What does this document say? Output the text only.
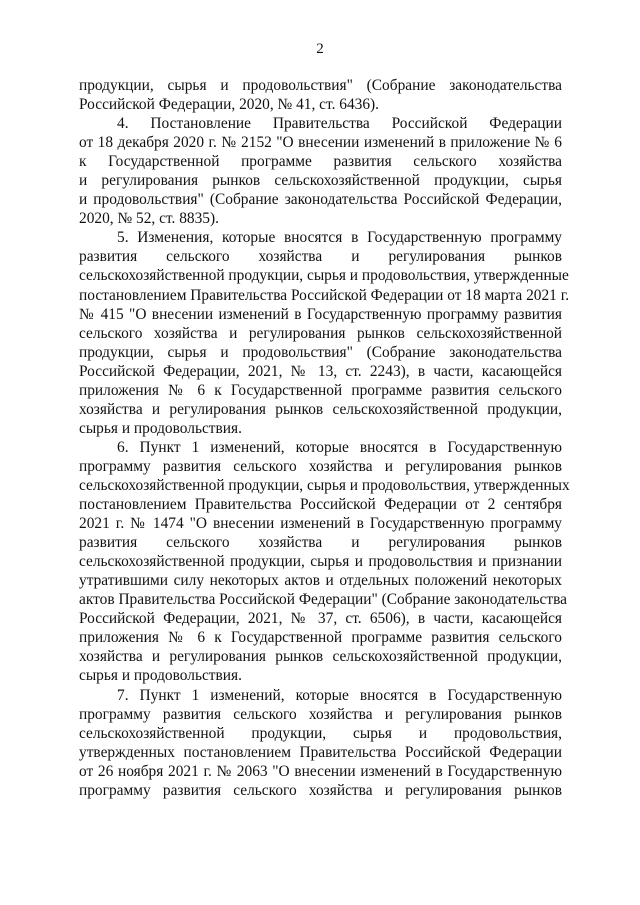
2
продукции, сырья и продовольствия" (Собрание законодательства
Российской Федерации, 2020, № 41, ст. 6436).
4. Постановление Правительства Российской Федерации
от 18 декабря 2020 г. № 2152 "О внесении изменений в приложение № 6
к Государственной программе развития сельского хозяйства
и регулирования рынков сельскохозяйственной продукции, сырья
и продовольствия" (Собрание законодательства Российской Федерации,
2020, № 52, ст. 8835).
5. Изменения, которые вносятся в Государственную программу
развития сельского хозяйства и регулирования рынков
сельскохозяйственной продукции, сырья и продовольствия, утвержденные
постановлением Правительства Российской Федерации от 18 марта 2021 г.
№ 415 "О внесении изменений в Государственную программу развития
сельского хозяйства и регулирования рынков сельскохозяйственной
продукции, сырья и продовольствия" (Собрание законодательства
Российской Федерации, 2021, № 13, ст. 2243), в части, касающейся
приложения № 6 к Государственной программе развития сельского
хозяйства и регулирования рынков сельскохозяйственной продукции,
сырья и продовольствия.
6. Пункт 1 изменений, которые вносятся в Государственную
программу развития сельского хозяйства и регулирования рынков
сельскохозяйственной продукции, сырья и продовольствия, утвержденных
постановлением Правительства Российской Федерации от 2 сентября
2021 г. № 1474 "О внесении изменений в Государственную программу
развития сельского хозяйства и регулирования рынков
сельскохозяйственной продукции, сырья и продовольствия и признании
утратившими силу некоторых актов и отдельных положений некоторых
актов Правительства Российской Федерации" (Собрание законодательства
Российской Федерации, 2021, № 37, ст. 6506), в части, касающейся
приложения № 6 к Государственной программе развития сельского
хозяйства и регулирования рынков сельскохозяйственной продукции,
сырья и продовольствия.
7. Пункт 1 изменений, которые вносятся в Государственную
программу развития сельского хозяйства и регулирования рынков
сельскохозяйственной продукции, сырья и продовольствия,
утвержденных постановлением Правительства Российской Федерации
от 26 ноября 2021 г. № 2063 "О внесении изменений в Государственную
программу развития сельского хозяйства и регулирования рынков
